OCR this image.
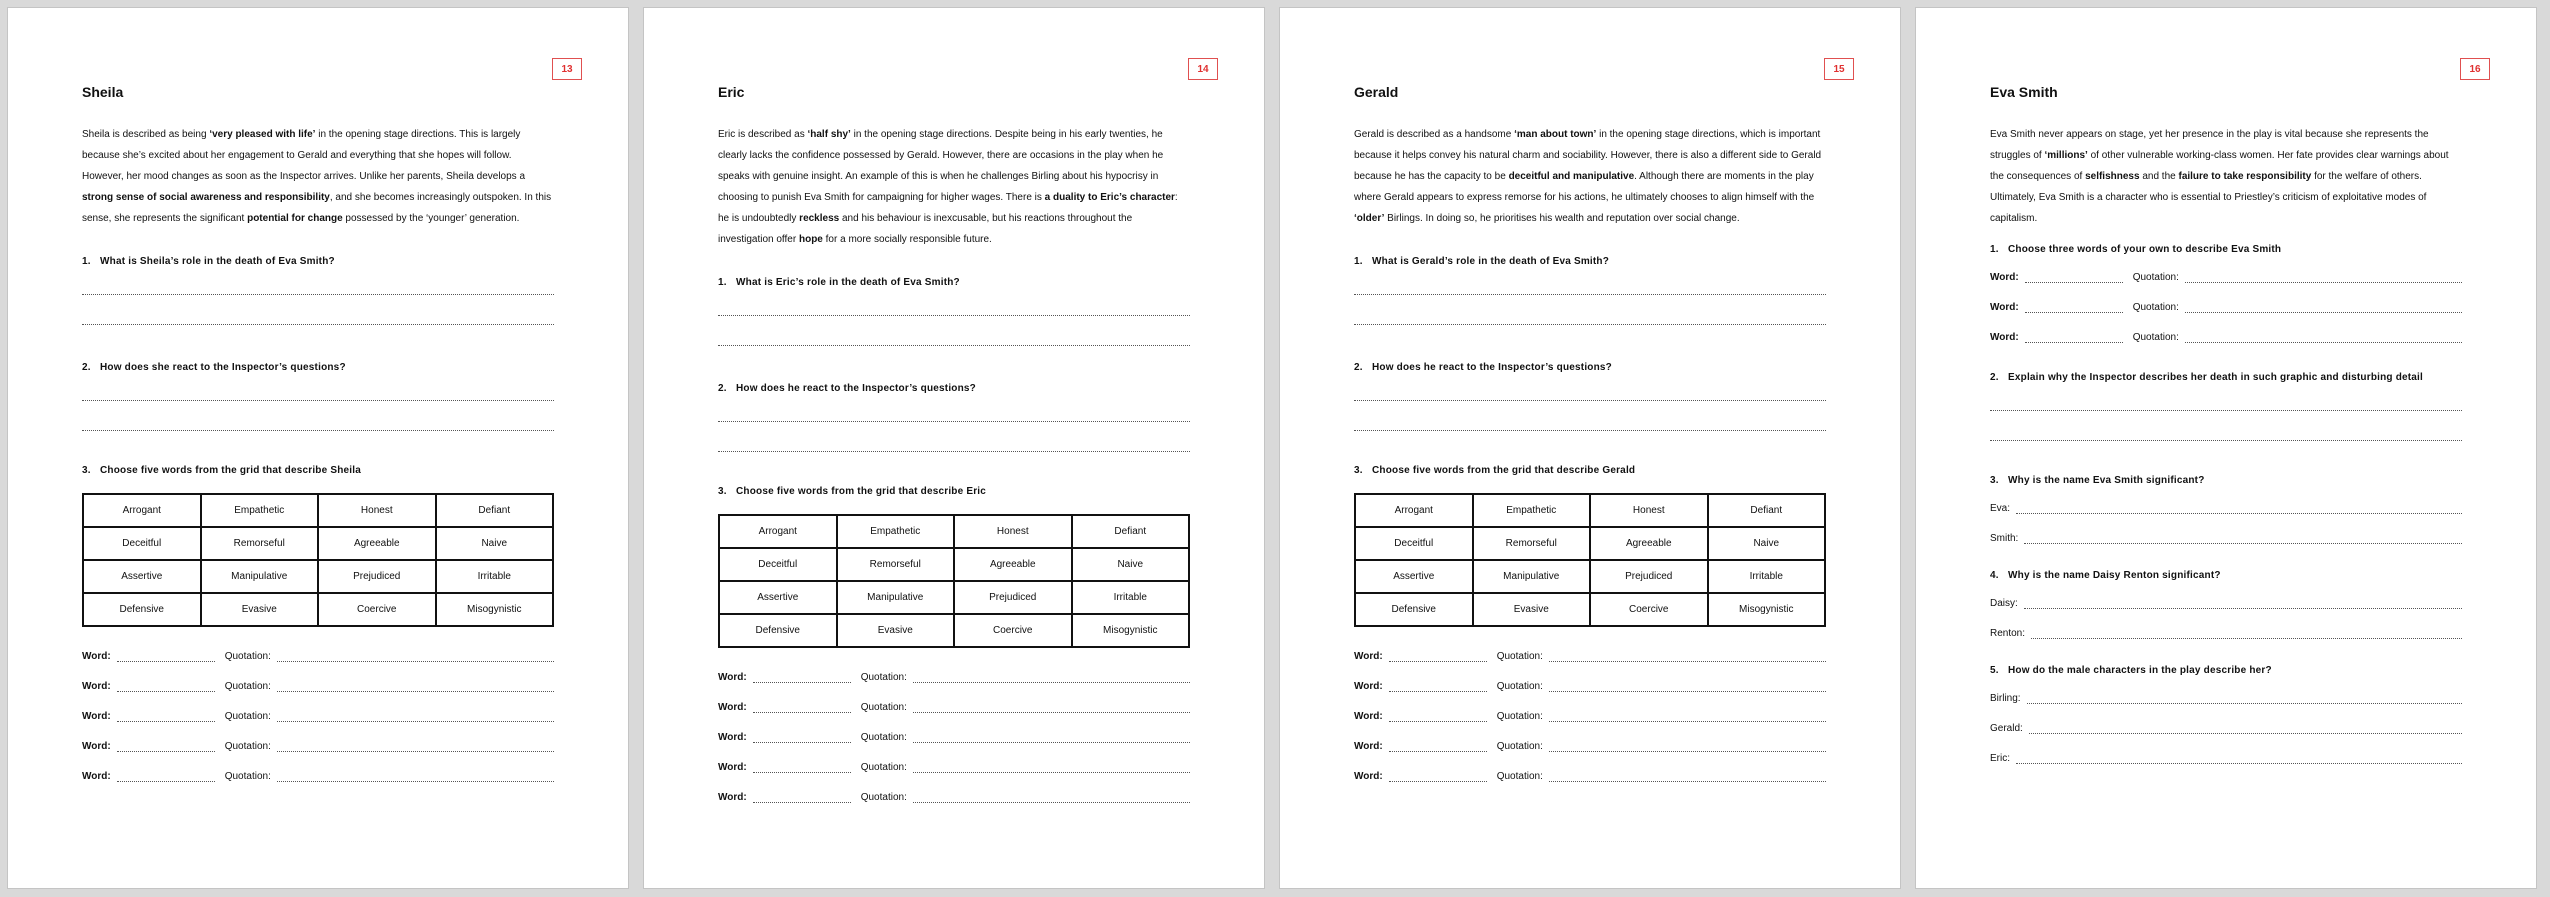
13
Sheila

Sheila is described as being ‘very pleased with life’ in the opening stage directions. This is largely because she’s excited about her engagement to Gerald and everything that she hopes will follow. However, her mood changes as soon as the Inspector arrives. Unlike her parents, Sheila develops a strong sense of social awareness and responsibility, and she becomes increasingly outspoken. In this sense, she represents the significant potential for change possessed by the ‘younger’ generation.

1. What is Sheila’s role in the death of Eva Smith?

2. How does she react to the Inspector’s questions?

3. Choose five words from the grid that describe Sheila

Arrogant	Empathetic	Honest	Defiant
Deceitful	Remorseful	Agreeable	Naive
Assertive	Manipulative	Prejudiced	Irritable
Defensive	Evasive	Coercive	Misogynistic
Word:	Quotation:
Word:	Quotation:
Word:	Quotation:
Word:	Quotation:
Word:	Quotation:
14
Eric

Eric is described as ‘half shy’ in the opening stage directions. Despite being in his early twenties, he clearly lacks the confidence possessed by Gerald. However, there are occasions in the play when he speaks with genuine insight. An example of this is when he challenges Birling about his hypocrisy in choosing to punish Eva Smith for campaigning for higher wages. There is a duality to Eric’s character: he is undoubtedly reckless and his behaviour is inexcusable, but his reactions throughout the investigation offer hope for a more socially responsible future.

1. What is Eric’s role in the death of Eva Smith?

2. How does he react to the Inspector’s questions?

3. Choose five words from the grid that describe Eric

Arrogant	Empathetic	Honest	Defiant
Deceitful	Remorseful	Agreeable	Naive
Assertive	Manipulative	Prejudiced	Irritable
Defensive	Evasive	Coercive	Misogynistic
Word:	Quotation:
Word:	Quotation:
Word:	Quotation:
Word:	Quotation:
Word:	Quotation:
15
Gerald

Gerald is described as a handsome ‘man about town’ in the opening stage directions, which is important because it helps convey his natural charm and sociability. However, there is also a different side to Gerald because he has the capacity to be deceitful and manipulative. Although there are moments in the play where Gerald appears to express remorse for his actions, he ultimately chooses to align himself with the ‘older’ Birlings. In doing so, he prioritises his wealth and reputation over social change.

1. What is Gerald’s role in the death of Eva Smith?

2. How does he react to the Inspector’s questions?

3. Choose five words from the grid that describe Gerald

Arrogant	Empathetic	Honest	Defiant
Deceitful	Remorseful	Agreeable	Naive
Assertive	Manipulative	Prejudiced	Irritable
Defensive	Evasive	Coercive	Misogynistic
Word:	Quotation:
Word:	Quotation:
Word:	Quotation:
Word:	Quotation:
Word:	Quotation:
16
Eva Smith

Eva Smith never appears on stage, yet her presence in the play is vital because she represents the struggles of ‘millions’ of other vulnerable working-class women. Her fate provides clear warnings about the consequences of selfishness and the failure to take responsibility for the welfare of others. Ultimately, Eva Smith is a character who is essential to Priestley’s criticism of exploitative modes of capitalism.

1. Choose three words of your own to describe Eva Smith

Word:	Quotation:
Word:	Quotation:
Word:	Quotation:

2. Explain why the Inspector describes her death in such graphic and disturbing detail

3. Why is the name Eva Smith significant?

Eva:
Smith:

4. Why is the name Daisy Renton significant?

Daisy:
Renton:

5. How do the male characters in the play describe her?

Birling:
Gerald:
Eric:
